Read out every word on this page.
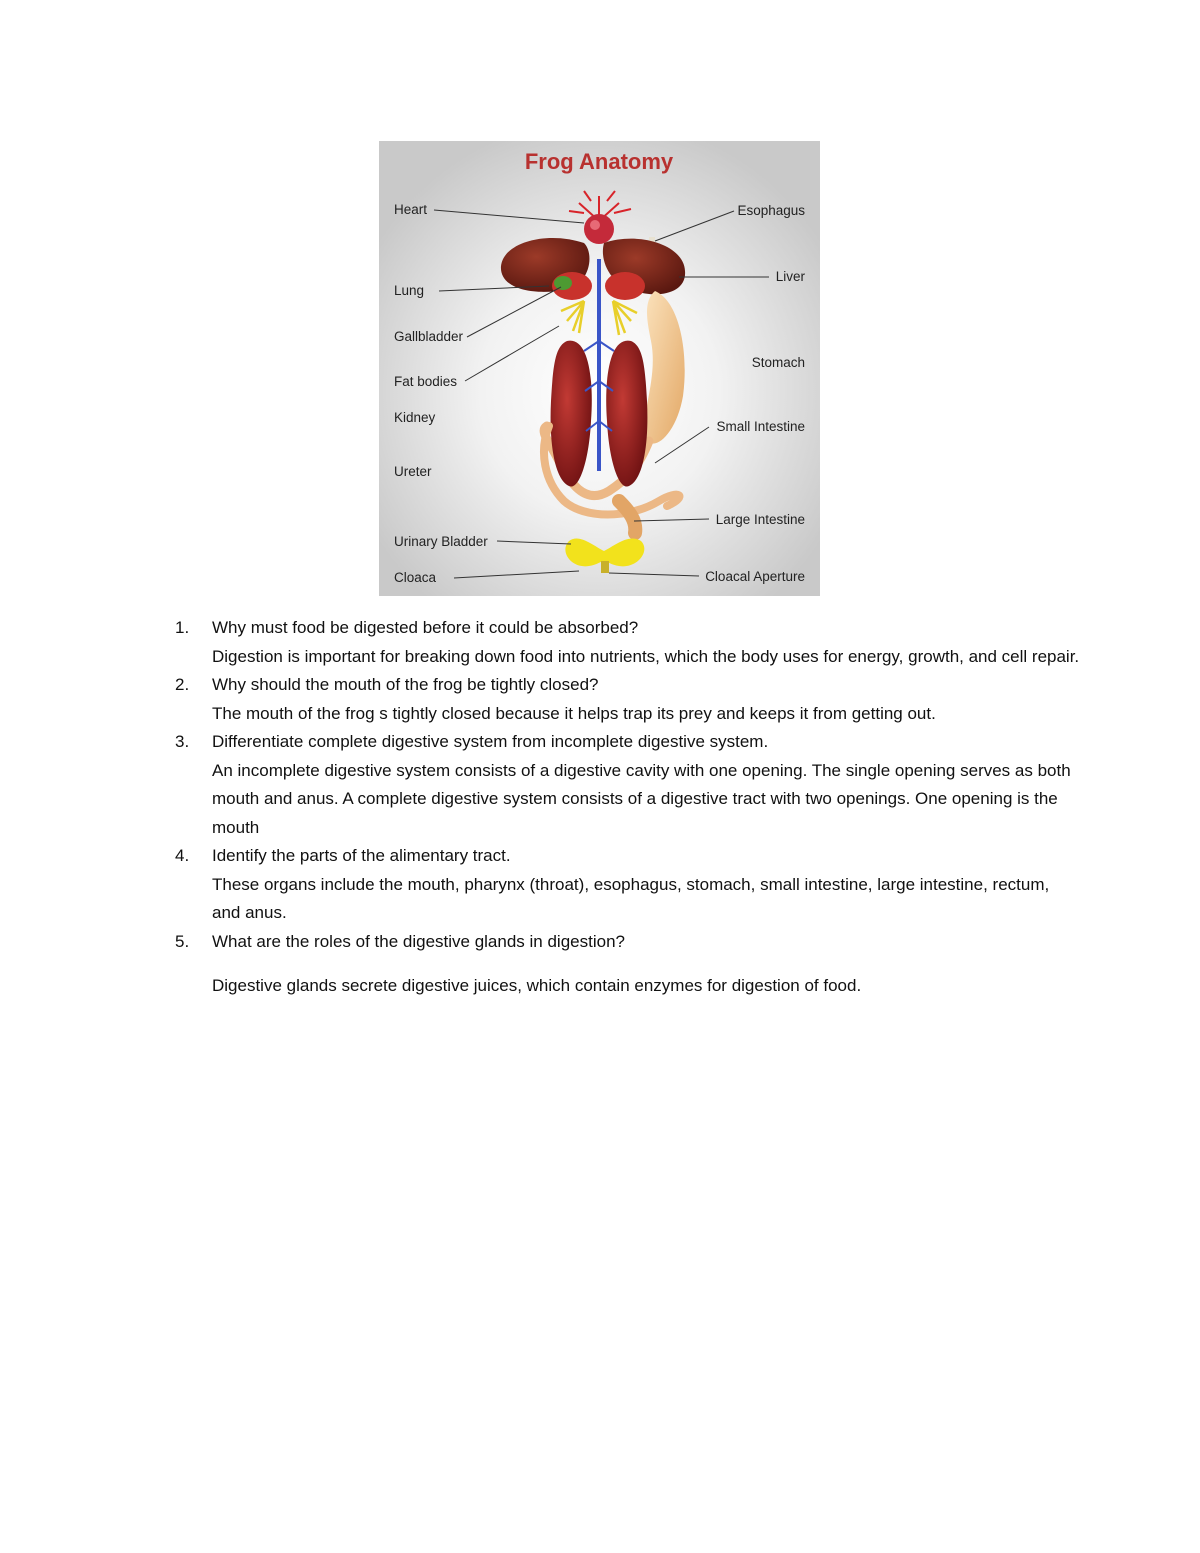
Frog Anatomy
Heart
Lung
Gallbladder
Fat bodies
Kidney
Ureter
Urinary Bladder
Cloaca
Esophagus
Liver
Stomach
Small Intestine
Large Intestine
Cloacal Aperture
1. Why must food be digested before it could be absorbed?
Digestion is important for breaking down food into nutrients, which the body uses for energy, growth, and cell repair.
2. Why should the mouth of the frog be tightly closed?
The mouth of the frog s tightly closed because it helps trap its prey and keeps it from getting out.
3. Differentiate complete digestive system from incomplete digestive system.
An incomplete digestive system consists of a digestive cavity with one opening. The single opening serves as both mouth and anus. A complete digestive system consists of a digestive tract with two openings. One opening is the mouth
4. Identify the parts of the alimentary tract.
These organs include the mouth, pharynx (throat), esophagus, stomach, small intestine, large intestine, rectum, and anus.
5. What are the roles of the digestive glands in digestion?
Digestive glands secrete digestive juices, which contain enzymes for digestion of food.
